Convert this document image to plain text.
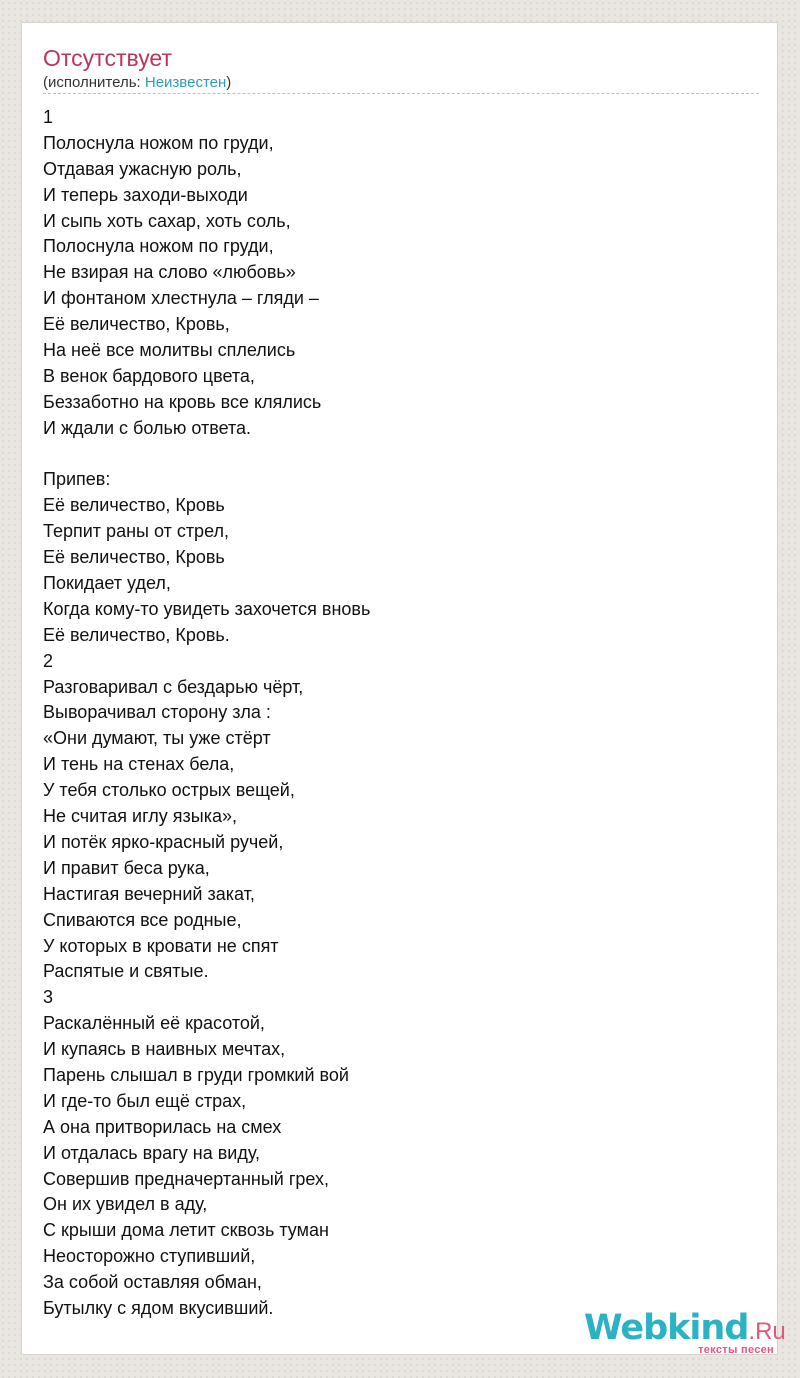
Отсутствует
(исполнитель: Неизвестен)
1
Полоснула ножом по груди,
Отдавая ужасную роль,
И теперь заходи-выходи
И сыпь хоть сахар, хоть соль,
Полоснула ножом по груди,
Не взирая на слово «любовь»
И фонтаном хлестнула – гляди –
Её величество, Кровь,
На неё все молитвы сплелись
В венок бардового цвета,
Беззаботно на кровь все клялись
И ждали с болью ответа.
Припев:
Её величество, Кровь
Терпит раны от стрел,
Её величество, Кровь
Покидает удел,
Когда кому-то увидеть захочется вновь
Её величество, Кровь.
2
Разговаривал с бездарью чёрт,
Выворачивал сторону зла :
«Они думают, ты уже стёрт
И тень на стенах бела,
У тебя столько острых вещей,
Не считая иглу языка»,
И потёк ярко-красный ручей,
И правит беса рука,
Настигая вечерний закат,
Спиваются все родные,
У которых в кровати не спят
Распятые и святые.
3
Раскалённый её красотой,
И купаясь в наивных мечтах,
Парень слышал в груди громкий вой
И где-то был ещё страх,
А она притворилась на смех
И отдалась врагу на виду,
Совершив предначертанный грех,
Он их увидел в аду,
С крыши дома летит сквозь туман
Неосторожно ступивший,
За собой оставляя обман,
Бутылку с ядом вкусивший.
Webkind.Ru
тексты песен
